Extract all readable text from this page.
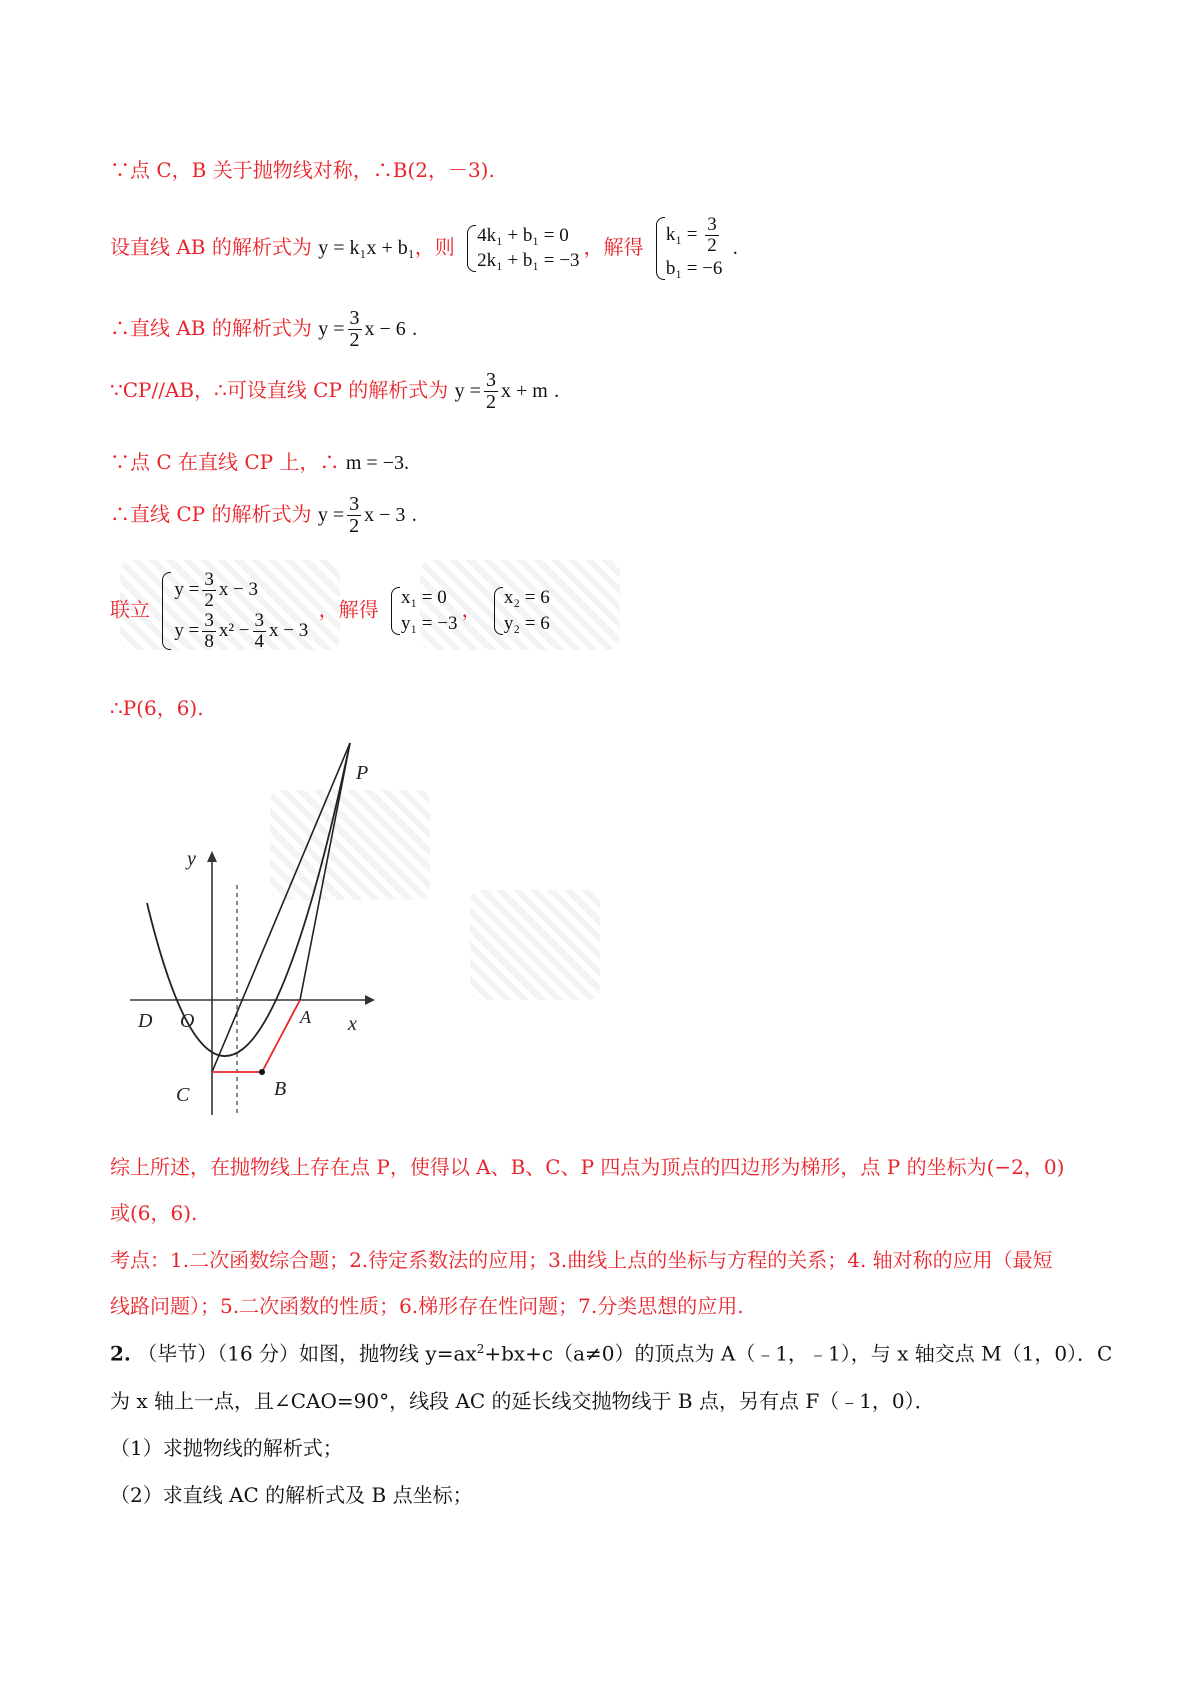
∵点 C，B 关于抛物线对称，∴B(2，－3).
设直线 AB 的解析式为 y = k₁x + b₁，则 4k₁ + b₁ = 0
2k₁ + b₁ = −3
，解得
$k_1 = \frac{3}{2}$
b₁ = −6
.
∴直线 AB 的解析式为 $y = \frac{3}{2}$ x − 6 .
∵CP//AB，∴可设直线 CP 的解析式为 $y = \frac{3}{2}$ x + m .
∵点 C 在直线 CP 上，∴ m = −3.
∴直线 CP 的解析式为 $y = \frac{3}{2}$ x − 3 .
联立
$y = \frac{3}{2}$ x − 3
$y = \frac{3}{8} x^2 - \frac{3}{4}$ x − 3
，解得 x₁ = 0
y₁ = −3
， x₂ = 6
y₂ = 6
∴P(6，6).
P
y
D O	A x
C	B
综上所述，在抛物线上存在点 P，使得以 A、B、C、P 四点为顶点的四边形为梯形，点 P 的坐标为(−2，0)
或(6，6).
考点：1.二次函数综合题；2.待定系数法的应用；3.曲线上点的坐标与方程的关系；4. 轴对称的应用（最短
线路问题）；5.二次函数的性质；6.梯形存在性问题；7.分类思想的应用.
2. （毕节）（16 分）如图，抛物线 $y=ax^2+bx+c(a\ne 0)$的顶点为 A（﹣1，﹣1），与 x 轴交点 M（1，0）．C
为 x 轴上一点，且∠CAO=90°，线段 AC 的延长线交抛物线于 B 点，另有点 F（﹣1，0）．
（1）求抛物线的解析式；
（2）求直线 AC 的解析式及 B 点坐标；
